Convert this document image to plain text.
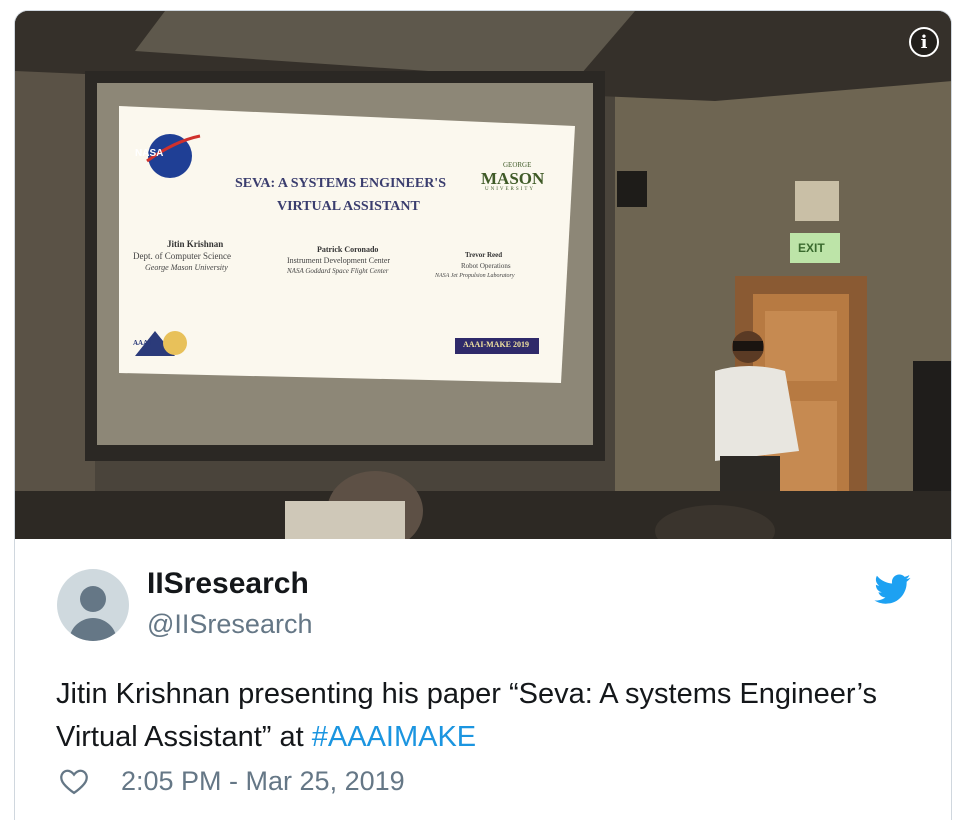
NASA
SEVA: A SYSTEMS ENGINEER'S
VIRTUAL ASSISTANT
GEORGE
MASON
UNIVERSITY
Jitin Krishnan
Dept. of Computer Science
George Mason University
Patrick Coronado
Instrument Development Center
NASA Goddard Space Flight Center
Trevor Reed
Robot Operations
NASA Jet Propulsion Laboratory
AAAI-MAKE 2019
AAAI
EXIT
i
IISresearch
@IISresearch
Jitin Krishnan presenting his paper “Seva: A systems Engineer’s Virtual Assistant” at #AAAIMAKE
2:05 PM - Mar 25, 2019
